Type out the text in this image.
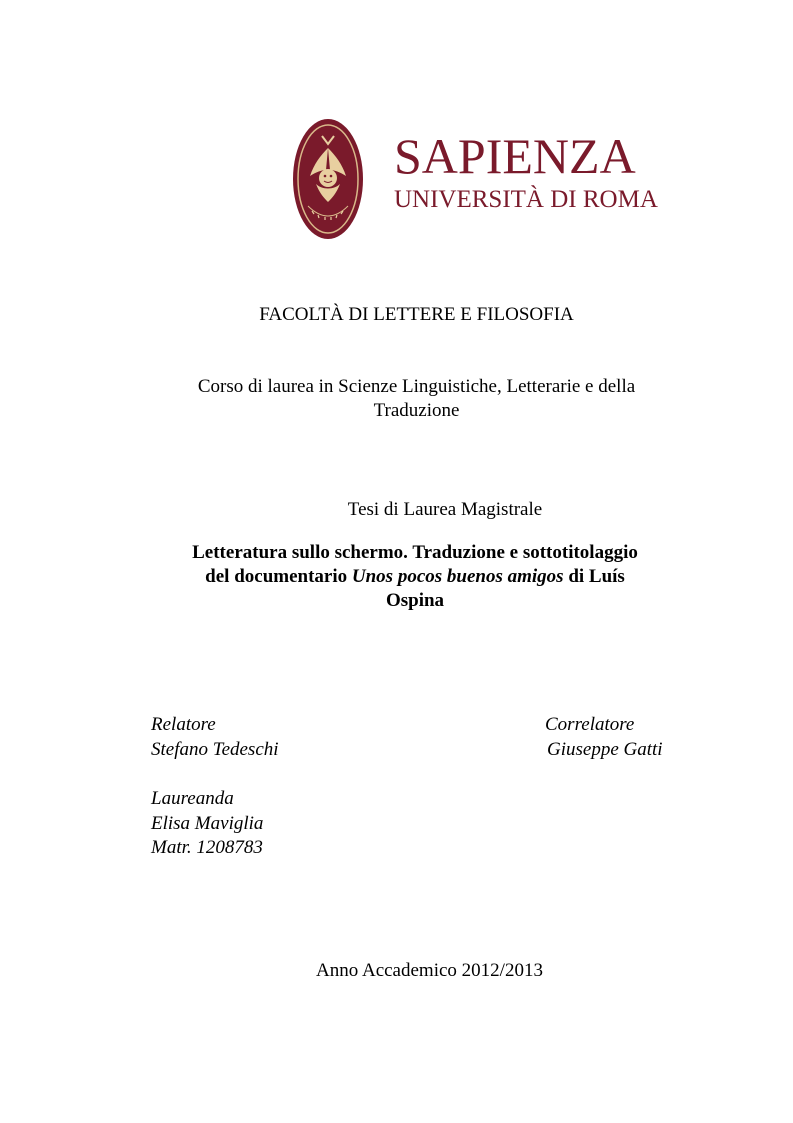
SAPIENZA
UNIVERSITÀ DI ROMA
FACOLTÀ DI LETTERE E FILOSOFIA
Corso di laurea in Scienze Linguistiche, Letterarie e della
Traduzione
Tesi di Laurea Magistrale
Letteratura sullo schermo. Traduzione e sottotitolaggio
del documentario Unos pocos buenos amigos di Luís
Ospina
Relatore
Stefano Tedeschi
Correlatore
Giuseppe Gatti
Laureanda
Elisa Maviglia
Matr. 1208783
Anno Accademico 2012/2013
